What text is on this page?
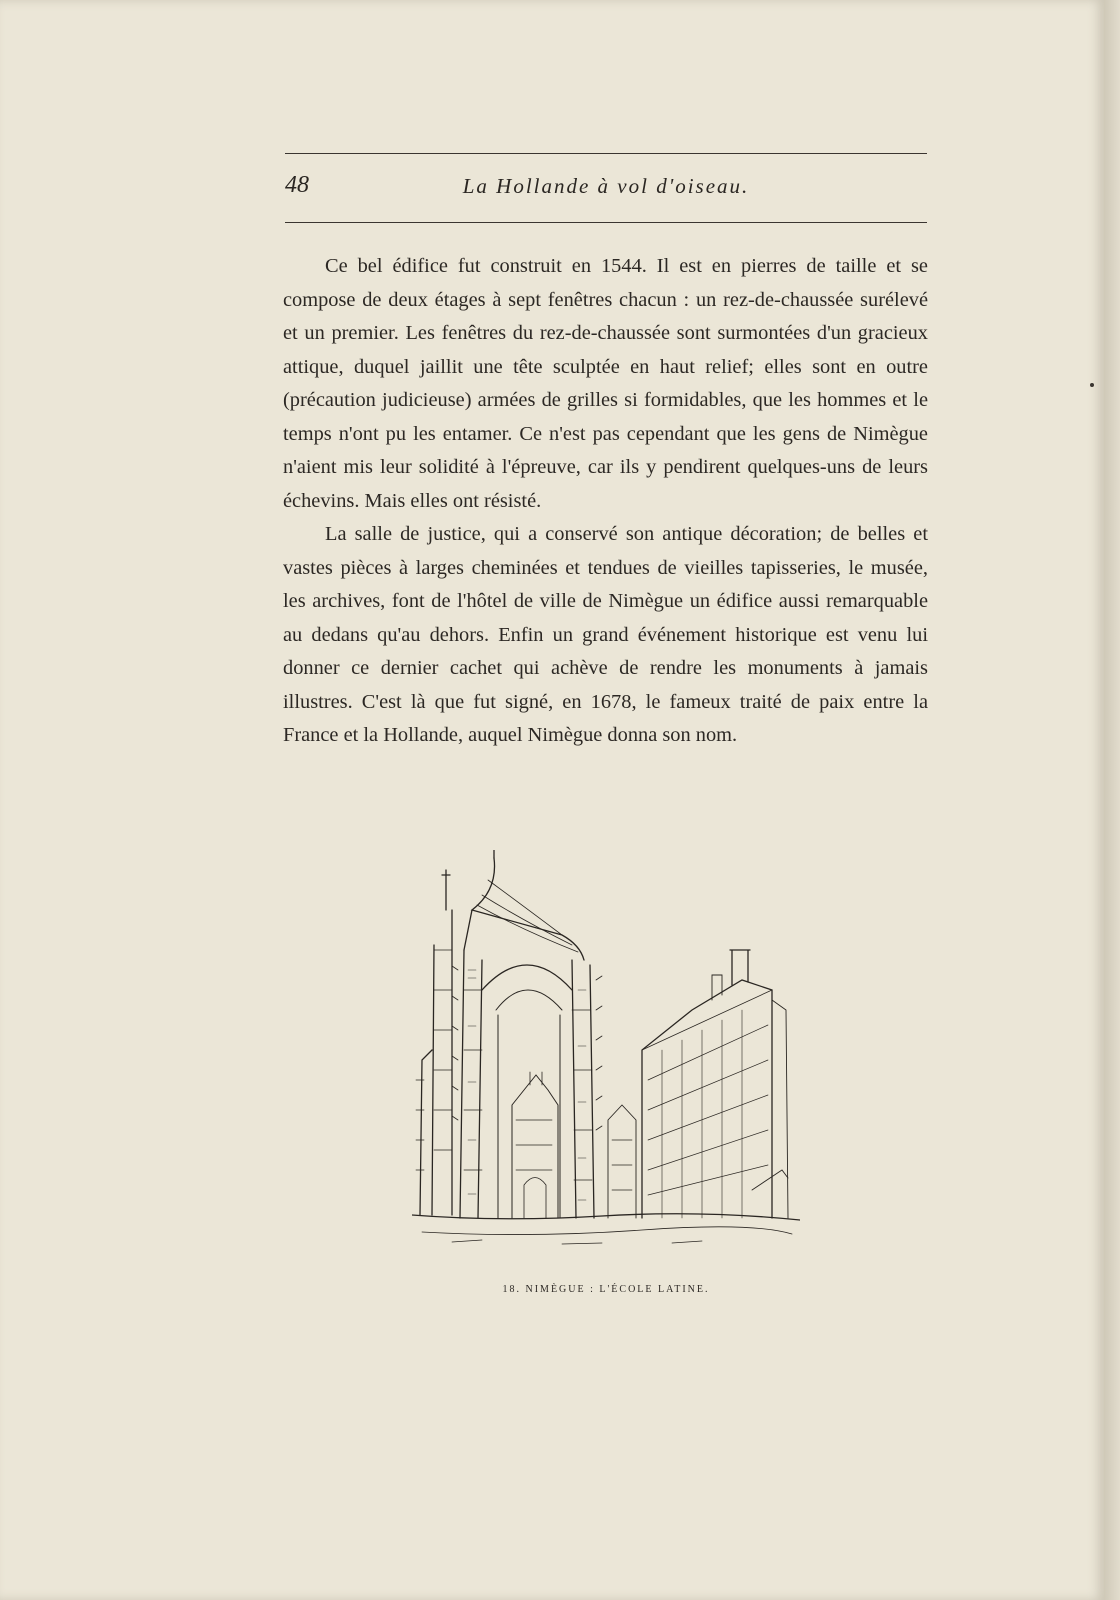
48	La Hollande à vol d'oiseau.

Ce bel édifice fut construit en 1544. Il est en pierres de taille et se compose de deux étages à sept fenêtres chacun : un rez-de-chaussée surélevé et un premier. Les fenêtres du rez-de-chaussée sont surmontées d'un gracieux attique, duquel jaillit une tête sculptée en haut relief; elles sont en outre (précaution judicieuse) armées de grilles si formidables, que les hommes et le temps n'ont pu les entamer. Ce n'est pas cependant que les gens de Nimègue n'aient mis leur solidité à l'épreuve, car ils y pendirent quelques-uns de leurs échevins. Mais elles ont résisté.

La salle de justice, qui a conservé son antique décoration; de belles et vastes pièces à larges cheminées et tendues de vieilles tapisseries, le musée, les archives, font de l'hôtel de ville de Nimègue un édifice aussi remarquable au dedans qu'au dehors. Enfin un grand événement historique est venu lui donner ce dernier cachet qui achève de rendre les monuments à jamais illustres. C'est là que fut signé, en 1678, le fameux traité de paix entre la France et la Hollande, auquel Nimègue donna son nom.

18. NIMÈGUE : L'ÉCOLE LATINE.
